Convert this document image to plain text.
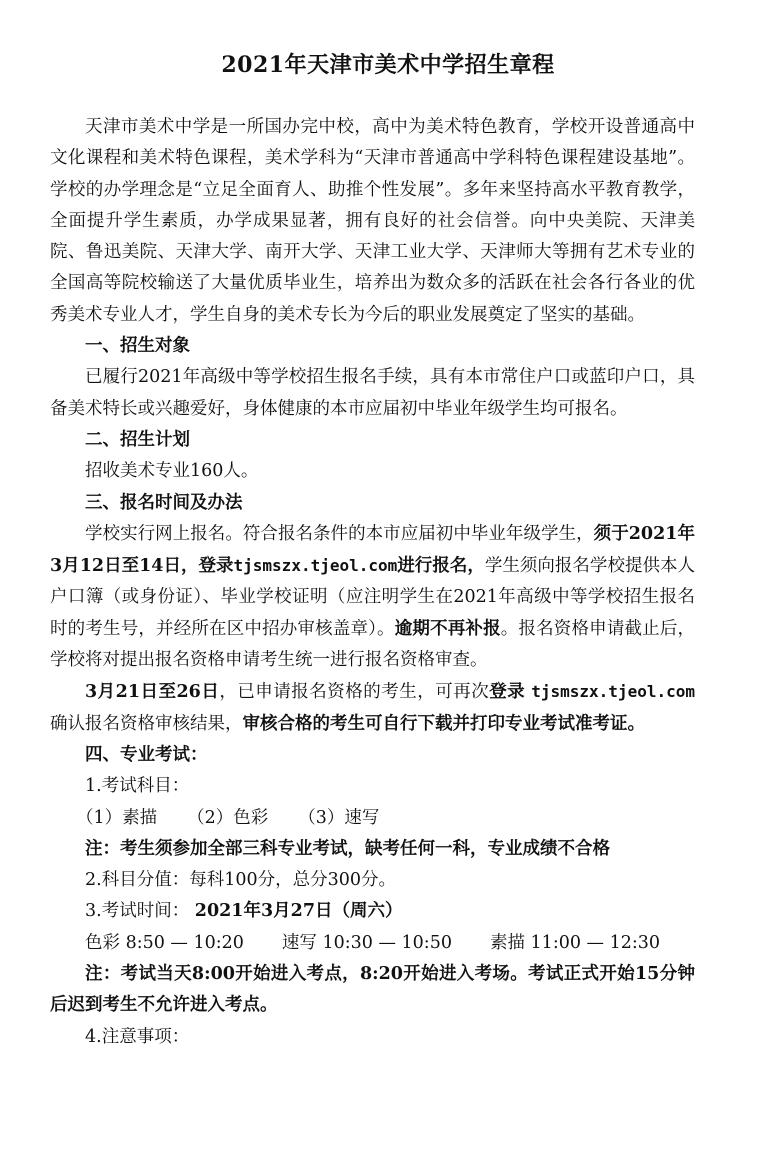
2021年天津市美术中学招生章程

天津市美术中学是一所国办完中校，高中为美术特色教育，学校开设普通高中文化课程和美术特色课程，美术学科为“天津市普通高中学科特色课程建设基地”。学校的办学理念是“立足全面育人、助推个性发展”。多年来坚持高水平教育教学，全面提升学生素质，办学成果显著，拥有良好的社会信誉。向中央美院、天津美院、鲁迅美院、天津大学、南开大学、天津工业大学、天津师大等拥有艺术专业的全国高等院校输送了大量优质毕业生，培养出为数众多的活跃在社会各行各业的优秀美术专业人才，学生自身的美术专长为今后的职业发展奠定了坚实的基础。

一、招生对象

已履行2021年高级中等学校招生报名手续，具有本市常住户口或蓝印户口，具备美术特长或兴趣爱好，身体健康的本市应届初中毕业年级学生均可报名。

二、招生计划

招收美术专业160人。

三、报名时间及办法

学校实行网上报名。符合报名条件的本市应届初中毕业年级学生，须于2021年3月12日至14日，登录tjsmszx.tjeol.com进行报名，学生须向报名学校提供本人户口簿（或身份证）、毕业学校证明（应注明学生在2021年高级中等学校招生报名时的考生号，并经所在区中招办审核盖章）。逾期不再补报。报名资格申请截止后，学校将对提出报名资格申请考生统一进行报名资格审查。

3月21日至26日，已申请报名资格的考生，可再次登录 tjsmszx.tjeol.com确认报名资格审核结果，审核合格的考生可自行下载并打印专业考试准考证。

四、专业考试：

1.考试科目：

（1）素描 （2）色彩 （3）速写

注：考生须参加全部三科专业考试，缺考任何一科，专业成绩不合格

2.科目分值：每科100分，总分300分。

3.考试时间： 2021年3月27日（周六）

色彩 8:50 — 10:20 速写 10:30 — 10:50 素描 11:00 — 12:30

注：考试当天8:00开始进入考点，8:20开始进入考场。考试正式开始15分钟后迟到考生不允许进入考点。

4.注意事项：
